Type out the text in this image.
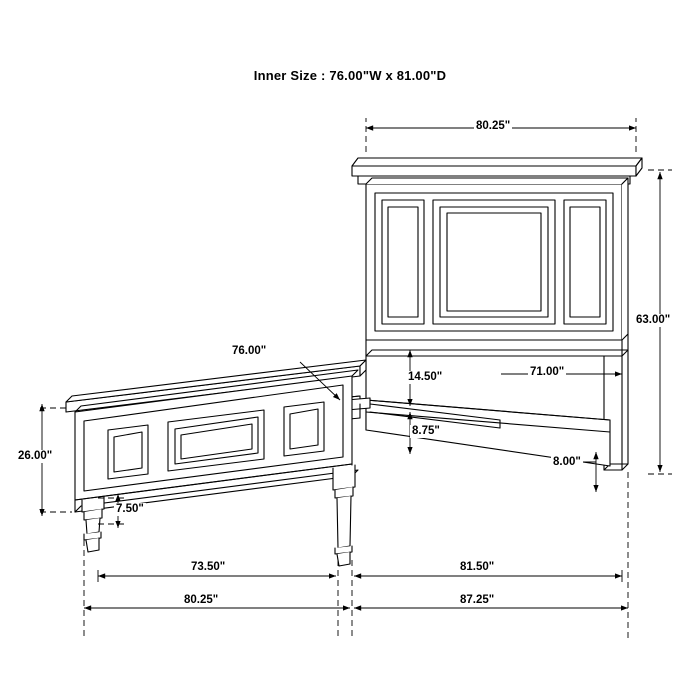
Inner Size : 76.00"W x 81.00"D
80.25"
63.00"
71.00"
14.50"
8.75"
8.00"
26.00"
7.50"
76.00"
73.50"	81.50"
80.25"	87.25"
